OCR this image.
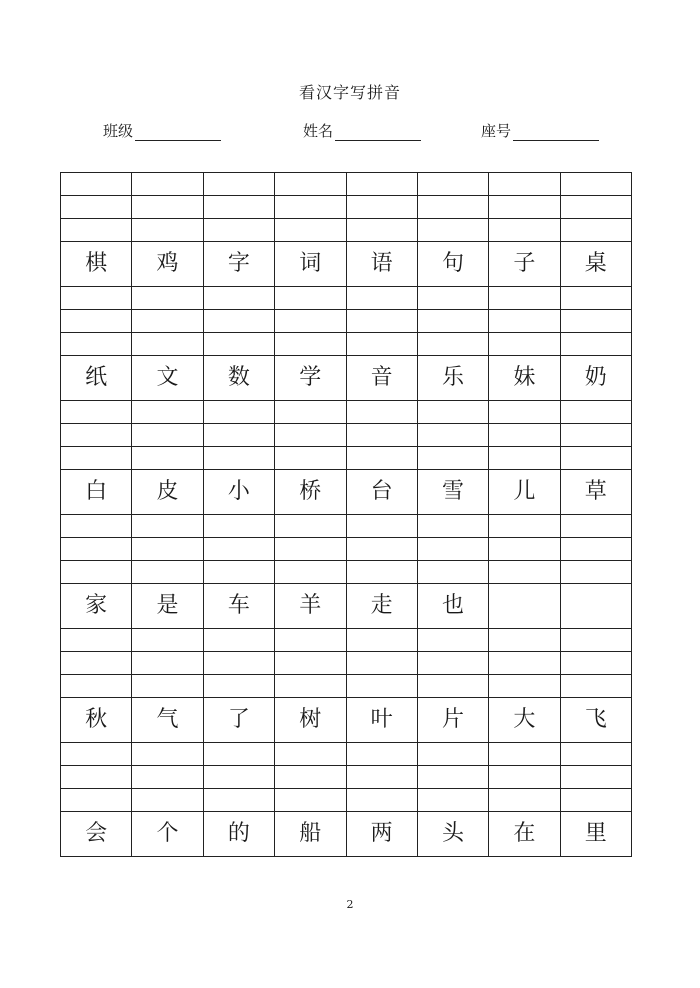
看汉字写拼音
班级	姓名	座号

棋	鸡	字	词	语	句	子	桌

纸	文	数	学	音	乐	妹	奶

白	皮	小	桥	台	雪	儿	草

家	是	车	羊	走	也		

秋	气	了	树	叶	片	大	飞

会	个	的	船	两	头	在	里
2
